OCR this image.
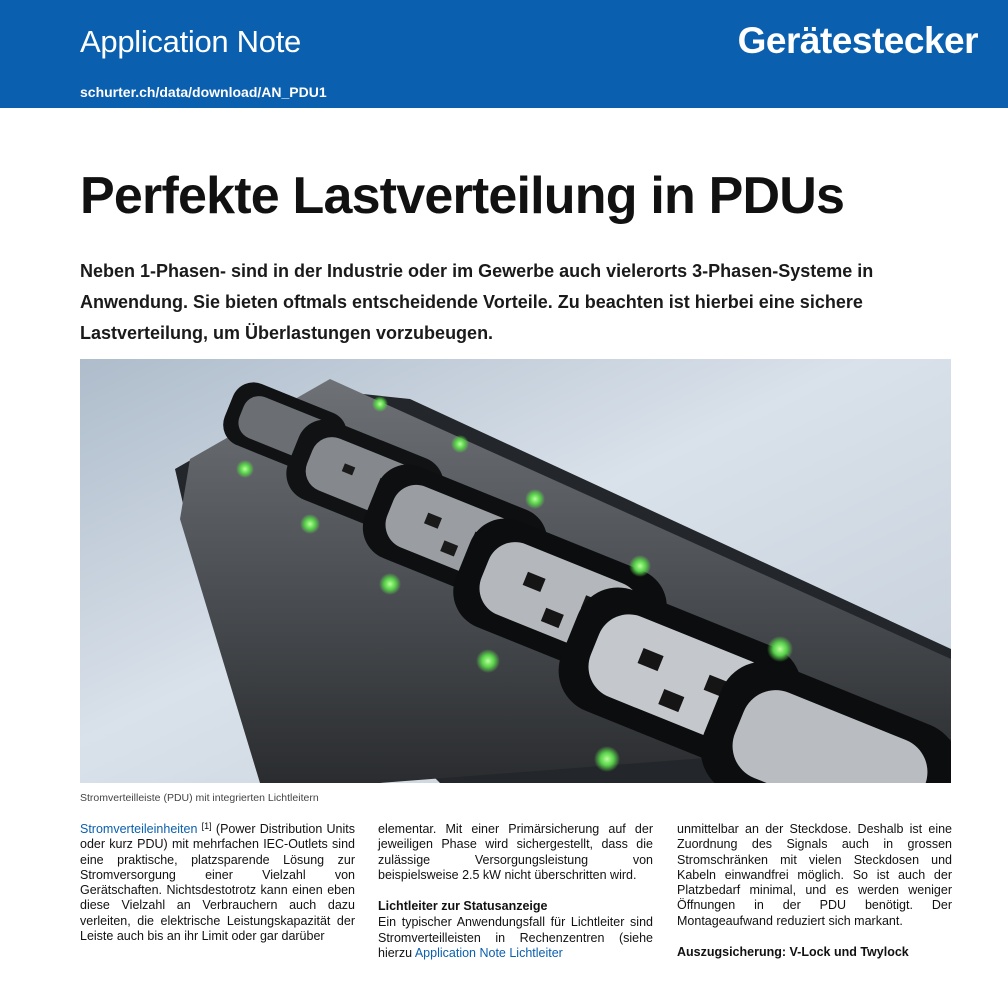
Application Note	Gerätestecker
schurter.ch/data/download/AN_PDU1
Perfekte Lastverteilung in PDUs

Neben 1-Phasen- sind in der Industrie oder im Gewerbe auch vielerorts 3-Phasen-Systeme in Anwendung. Sie bieten oftmals entscheidende Vorteile. Zu beachten ist hierbei eine sichere Lastverteilung, um Überlastungen vorzubeugen.

Stromverteilleiste (PDU) mit integrierten Lichtleitern

Stromverteileinheiten [1] (Power Distribution Units oder kurz PDU) mit mehrfachen IEC-Outlets sind eine praktische, platzsparende Lösung zur Stromversorgung einer Vielzahl von Gerätschaften. Nichtsdestotrotz kann einen eben diese Vielzahl an Verbrauchern auch dazu verleiten, die elektrische Leistungskapazität der Leiste auch bis an ihr Limit oder gar darüber

elementar. Mit einer Primärsicherung auf der jeweiligen Phase wird sichergestellt, dass die zulässige Versorgungsleistung von beispielsweise 2.5 kW nicht überschritten wird.

Lichtleiter zur Statusanzeige

Ein typischer Anwendungsfall für Lichtleiter sind Stromverteilleisten in Rechenzentren (siehe hierzu Application Note Lichtleiter

unmittelbar an der Steckdose. Deshalb ist eine Zuordnung des Signals auch in grossen Stromschränken mit vielen Steckdosen und Kabeln einwandfrei möglich. So ist auch der Platzbedarf minimal, und es werden weniger Öffnungen in der PDU benötigt. Der Montageaufwand reduziert sich markant.

Auszugsicherung: V-Lock und Twylock
